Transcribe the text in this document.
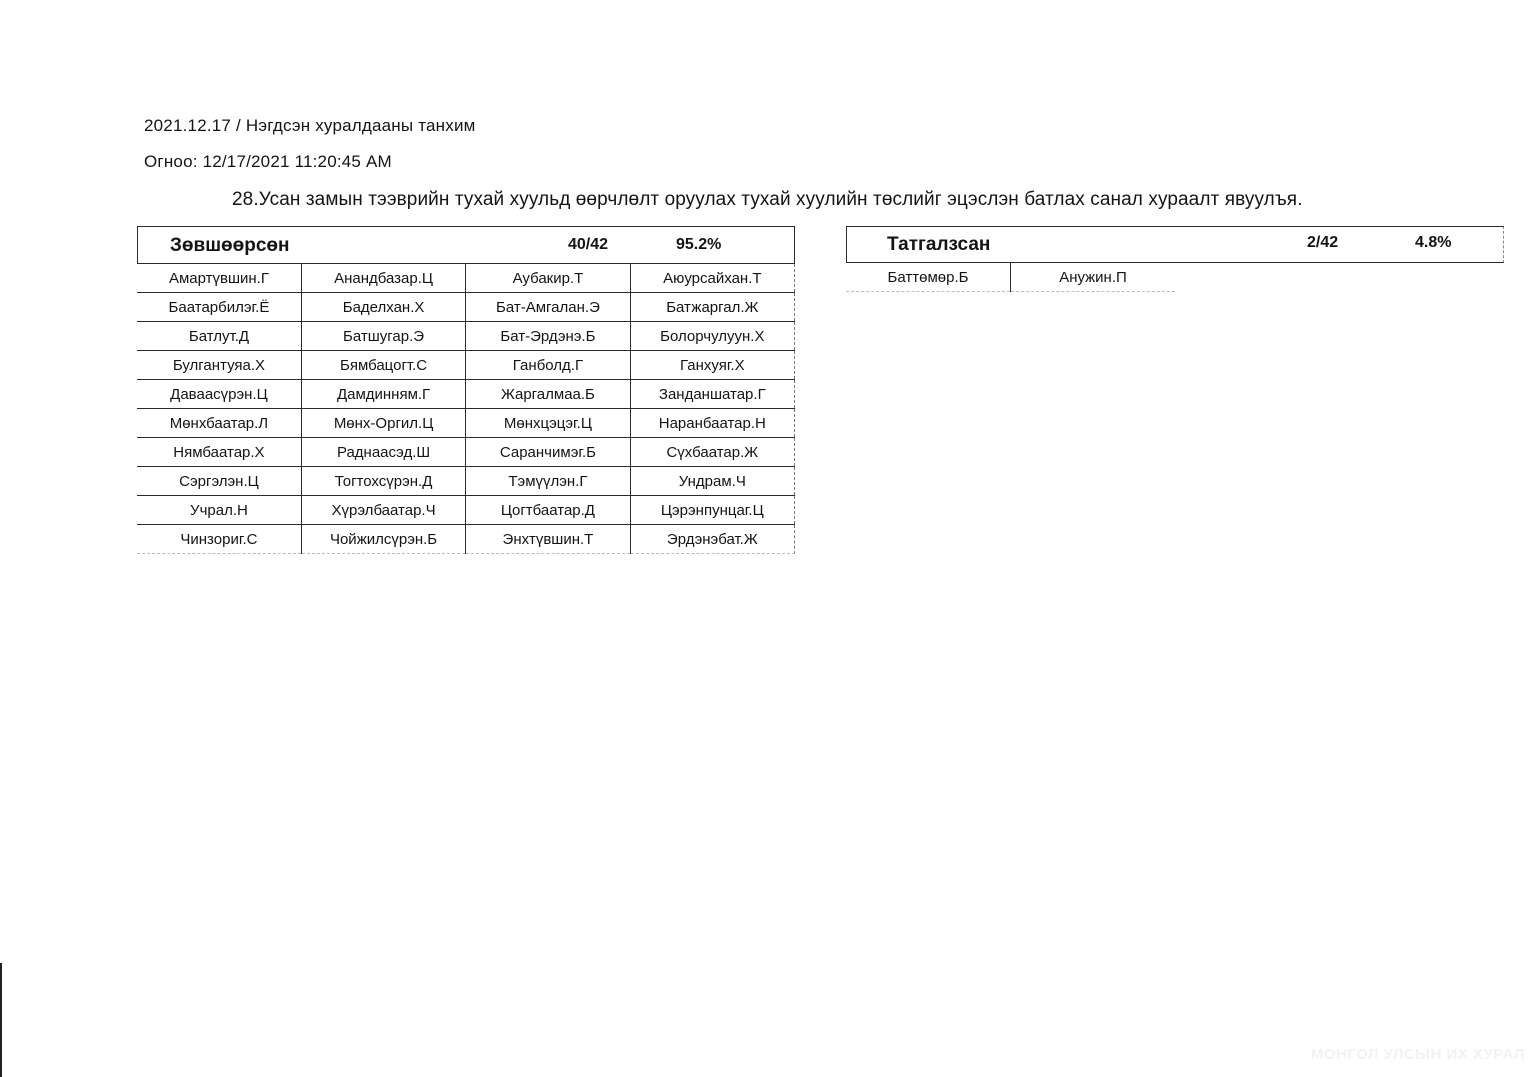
2021.12.17 / Нэгдсэн хуралдааны танхим
Огноо: 12/17/2021 11:20:45 AM
28.Усан замын тээврийн тухай хуульд өөрчлөлт оруулах тухай хуулийн төслийг эцэслэн батлах санал хураалт явуулъя.
Зөвшөөрсөн	40/42	95.2%
Амартүвшин.Г	Анандбазар.Ц	Аубакир.Т	Аюурсайхан.Т
Баатарбилэг.Ё	Баделхан.Х	Бат-Амгалан.Э	Батжаргал.Ж
Батлут.Д	Батшугар.Э	Бат-Эрдэнэ.Б	Болорчулуун.Х
Булгантуяа.Х	Бямбацогт.С	Ганболд.Г	Ганхуяг.Х
Даваасүрэн.Ц	Дамдинням.Г	Жаргалмаа.Б	Занданшатар.Г
Мөнхбаатар.Л	Мөнх-Оргил.Ц	Мөнхцэцэг.Ц	Наранбаатар.Н
Нямбаатар.Х	Раднаасэд.Ш	Саранчимэг.Б	Сүхбаатар.Ж
Сэргэлэн.Ц	Тогтохсүрэн.Д	Тэмүүлэн.Г	Ундрам.Ч
Учрал.Н	Хүрэлбаатар.Ч	Цогтбаатар.Д	Цэрэнпунцаг.Ц
Чинзориг.С	Чойжилсүрэн.Б	Энхтүвшин.Т	Эрдэнэбат.Ж
Татгалзсан	2/42	4.8%
Баттөмөр.Б	Анужин.П
МОНГОЛ УЛСЫН ИХ ХУРАЛ
